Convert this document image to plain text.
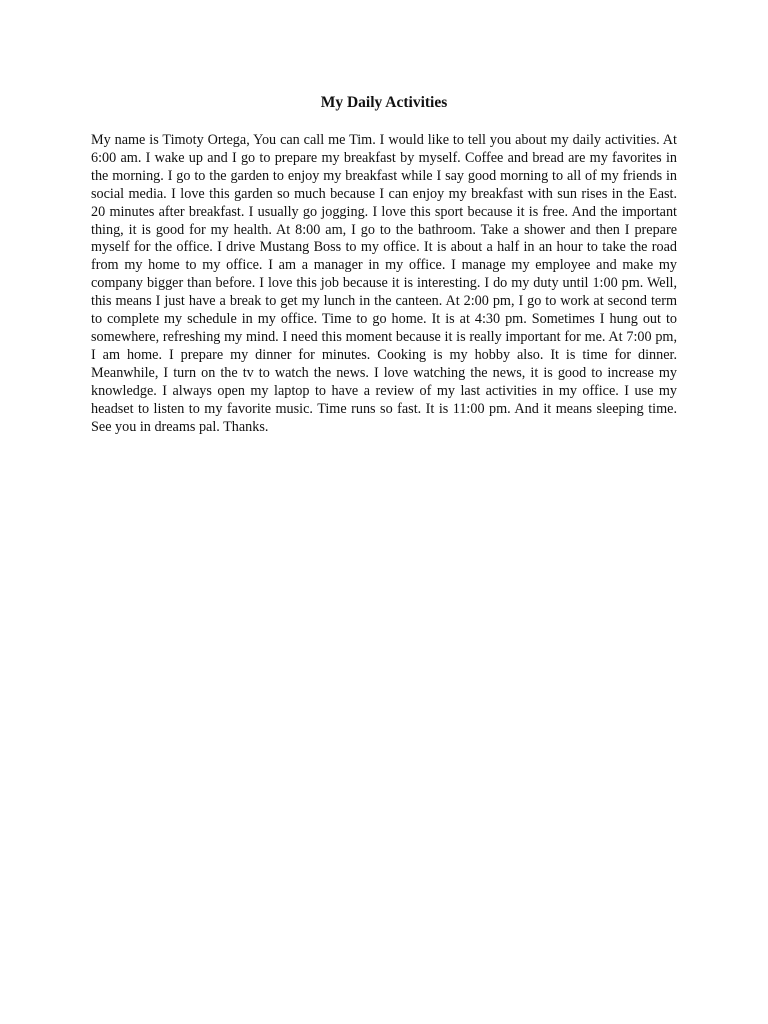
My Daily Activities

My name is Timoty Ortega, You can call me Tim. I would like to tell you about my daily activities. At 6:00 am. I wake up and I go to prepare my breakfast by myself. Coffee and bread are my favorites in the morning. I go to the garden to enjoy my breakfast while I say good morning to all of my friends in social media. I love this garden so much because I can enjoy my breakfast with sun rises in the East. 20 minutes after breakfast. I usually go jogging. I love this sport because it is free. And the important thing, it is good for my health. At 8:00 am, I go to the bathroom. Take a shower and then I prepare myself for the office. I drive Mustang Boss to my office. It is about a half in an hour to take the road from my home to my office. I am a manager in my office. I manage my employee and make my company bigger than before. I love this job because it is interesting. I do my duty until 1:00 pm. Well, this means I just have a break to get my lunch in the canteen. At 2:00 pm, I go to work at second term to complete my schedule in my office. Time to go home. It is at 4:30 pm. Sometimes I hung out to somewhere, refreshing my mind. I need this moment because it is really important for me. At 7:00 pm, I am home. I prepare my dinner for minutes. Cooking is my hobby also. It is time for dinner. Meanwhile, I turn on the tv to watch the news. I love watching the news, it is good to increase my knowledge. I always open my laptop to have a review of my last activities in my office. I use my headset to listen to my favorite music. Time runs so fast. It is 11:00 pm. And it means sleeping time. See you in dreams pal. Thanks.
